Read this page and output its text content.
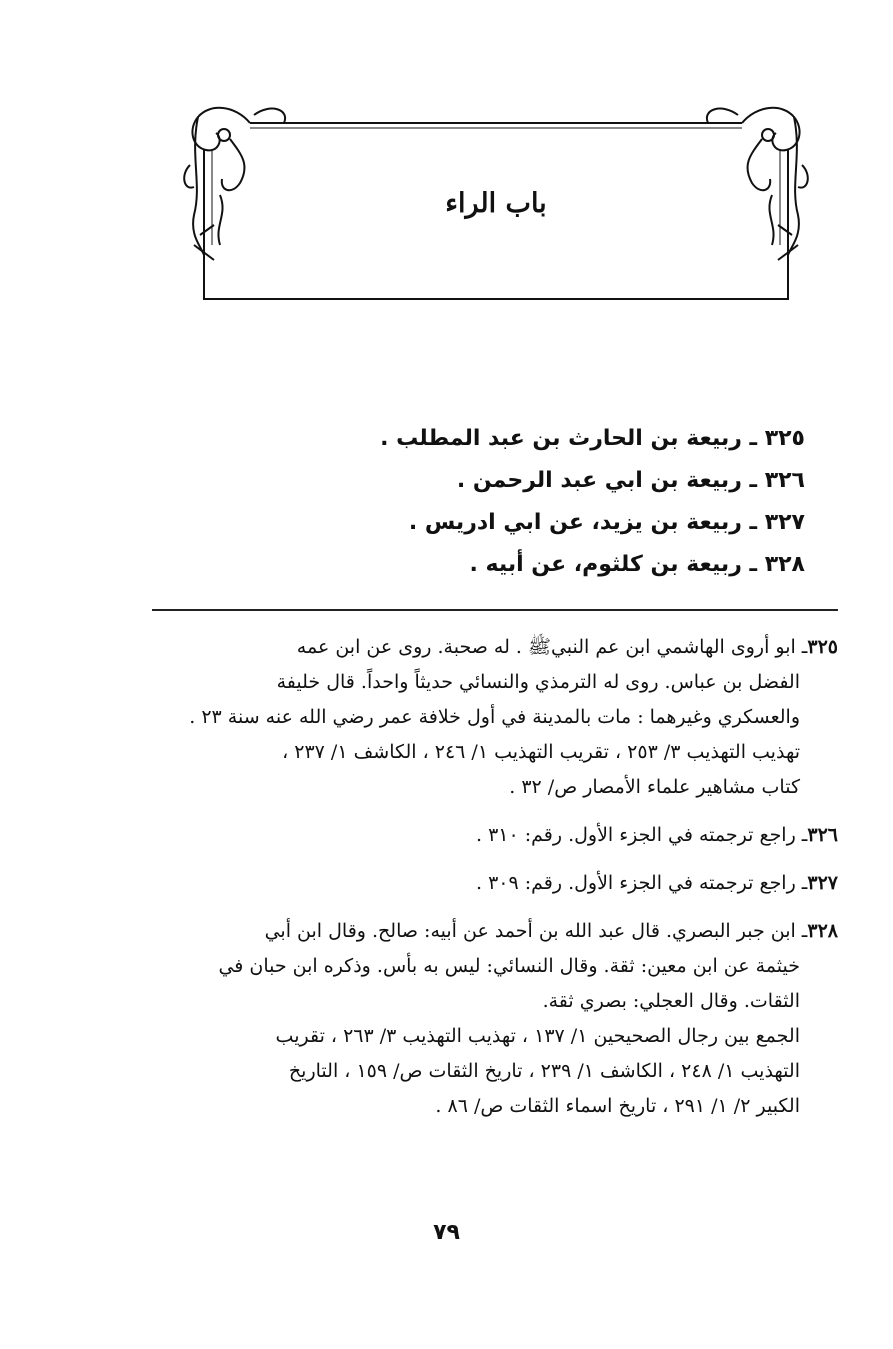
باب الراء
٣٢٥ ـ ربيعة بن الحارث بن عبد المطلب .
٣٢٦ ـ ربيعة بن ابي عبد الرحمن .
٣٢٧ ـ ربيعة بن يزيد، عن ابي ادريس .
٣٢٨ ـ ربيعة بن كلثوم، عن أبيه .
٣٢٥ـ ابو أروى الهاشمي ابن عم النبيﷺ . له صحبة. روى عن ابن عمه
الفضل بن عباس. روى له الترمذي والنسائي حديثاً واحداً. قال خليفة
والعسكري وغيرهما : مات بالمدينة في أول خلافة عمر رضي الله عنه سنة ٢٣ .
تهذيب التهذيب ٣/ ٢٥٣ ، تقريب التهذيب ١/ ٢٤٦ ، الكاشف ١/ ٢٣٧ ،
كتاب مشاهير علماء الأمصار ص/ ٣٢ .
٣٢٦ـ راجع ترجمته في الجزء الأول. رقم: ٣١٠ .
٣٢٧ـ راجع ترجمته في الجزء الأول. رقم: ٣٠٩ .
٣٢٨ـ ابن جبر البصري. قال عبد الله بن أحمد عن أبيه: صالح. وقال ابن أبي
خيثمة عن ابن معين: ثقة. وقال النسائي: ليس به بأس. وذكره ابن حبان في
الثقات. وقال العجلي: بصري ثقة.
الجمع بين رجال الصحيحين ١/ ١٣٧ ، تهذيب التهذيب ٣/ ٢٦٣ ، تقريب
التهذيب ١/ ٢٤٨ ، الكاشف ١/ ٢٣٩ ، تاريخ الثقات ص/ ١٥٩ ، التاريخ
الكبير ٢/ ١/ ٢٩١ ، تاريخ اسماء الثقات ص/ ٨٦ .
٧٩
